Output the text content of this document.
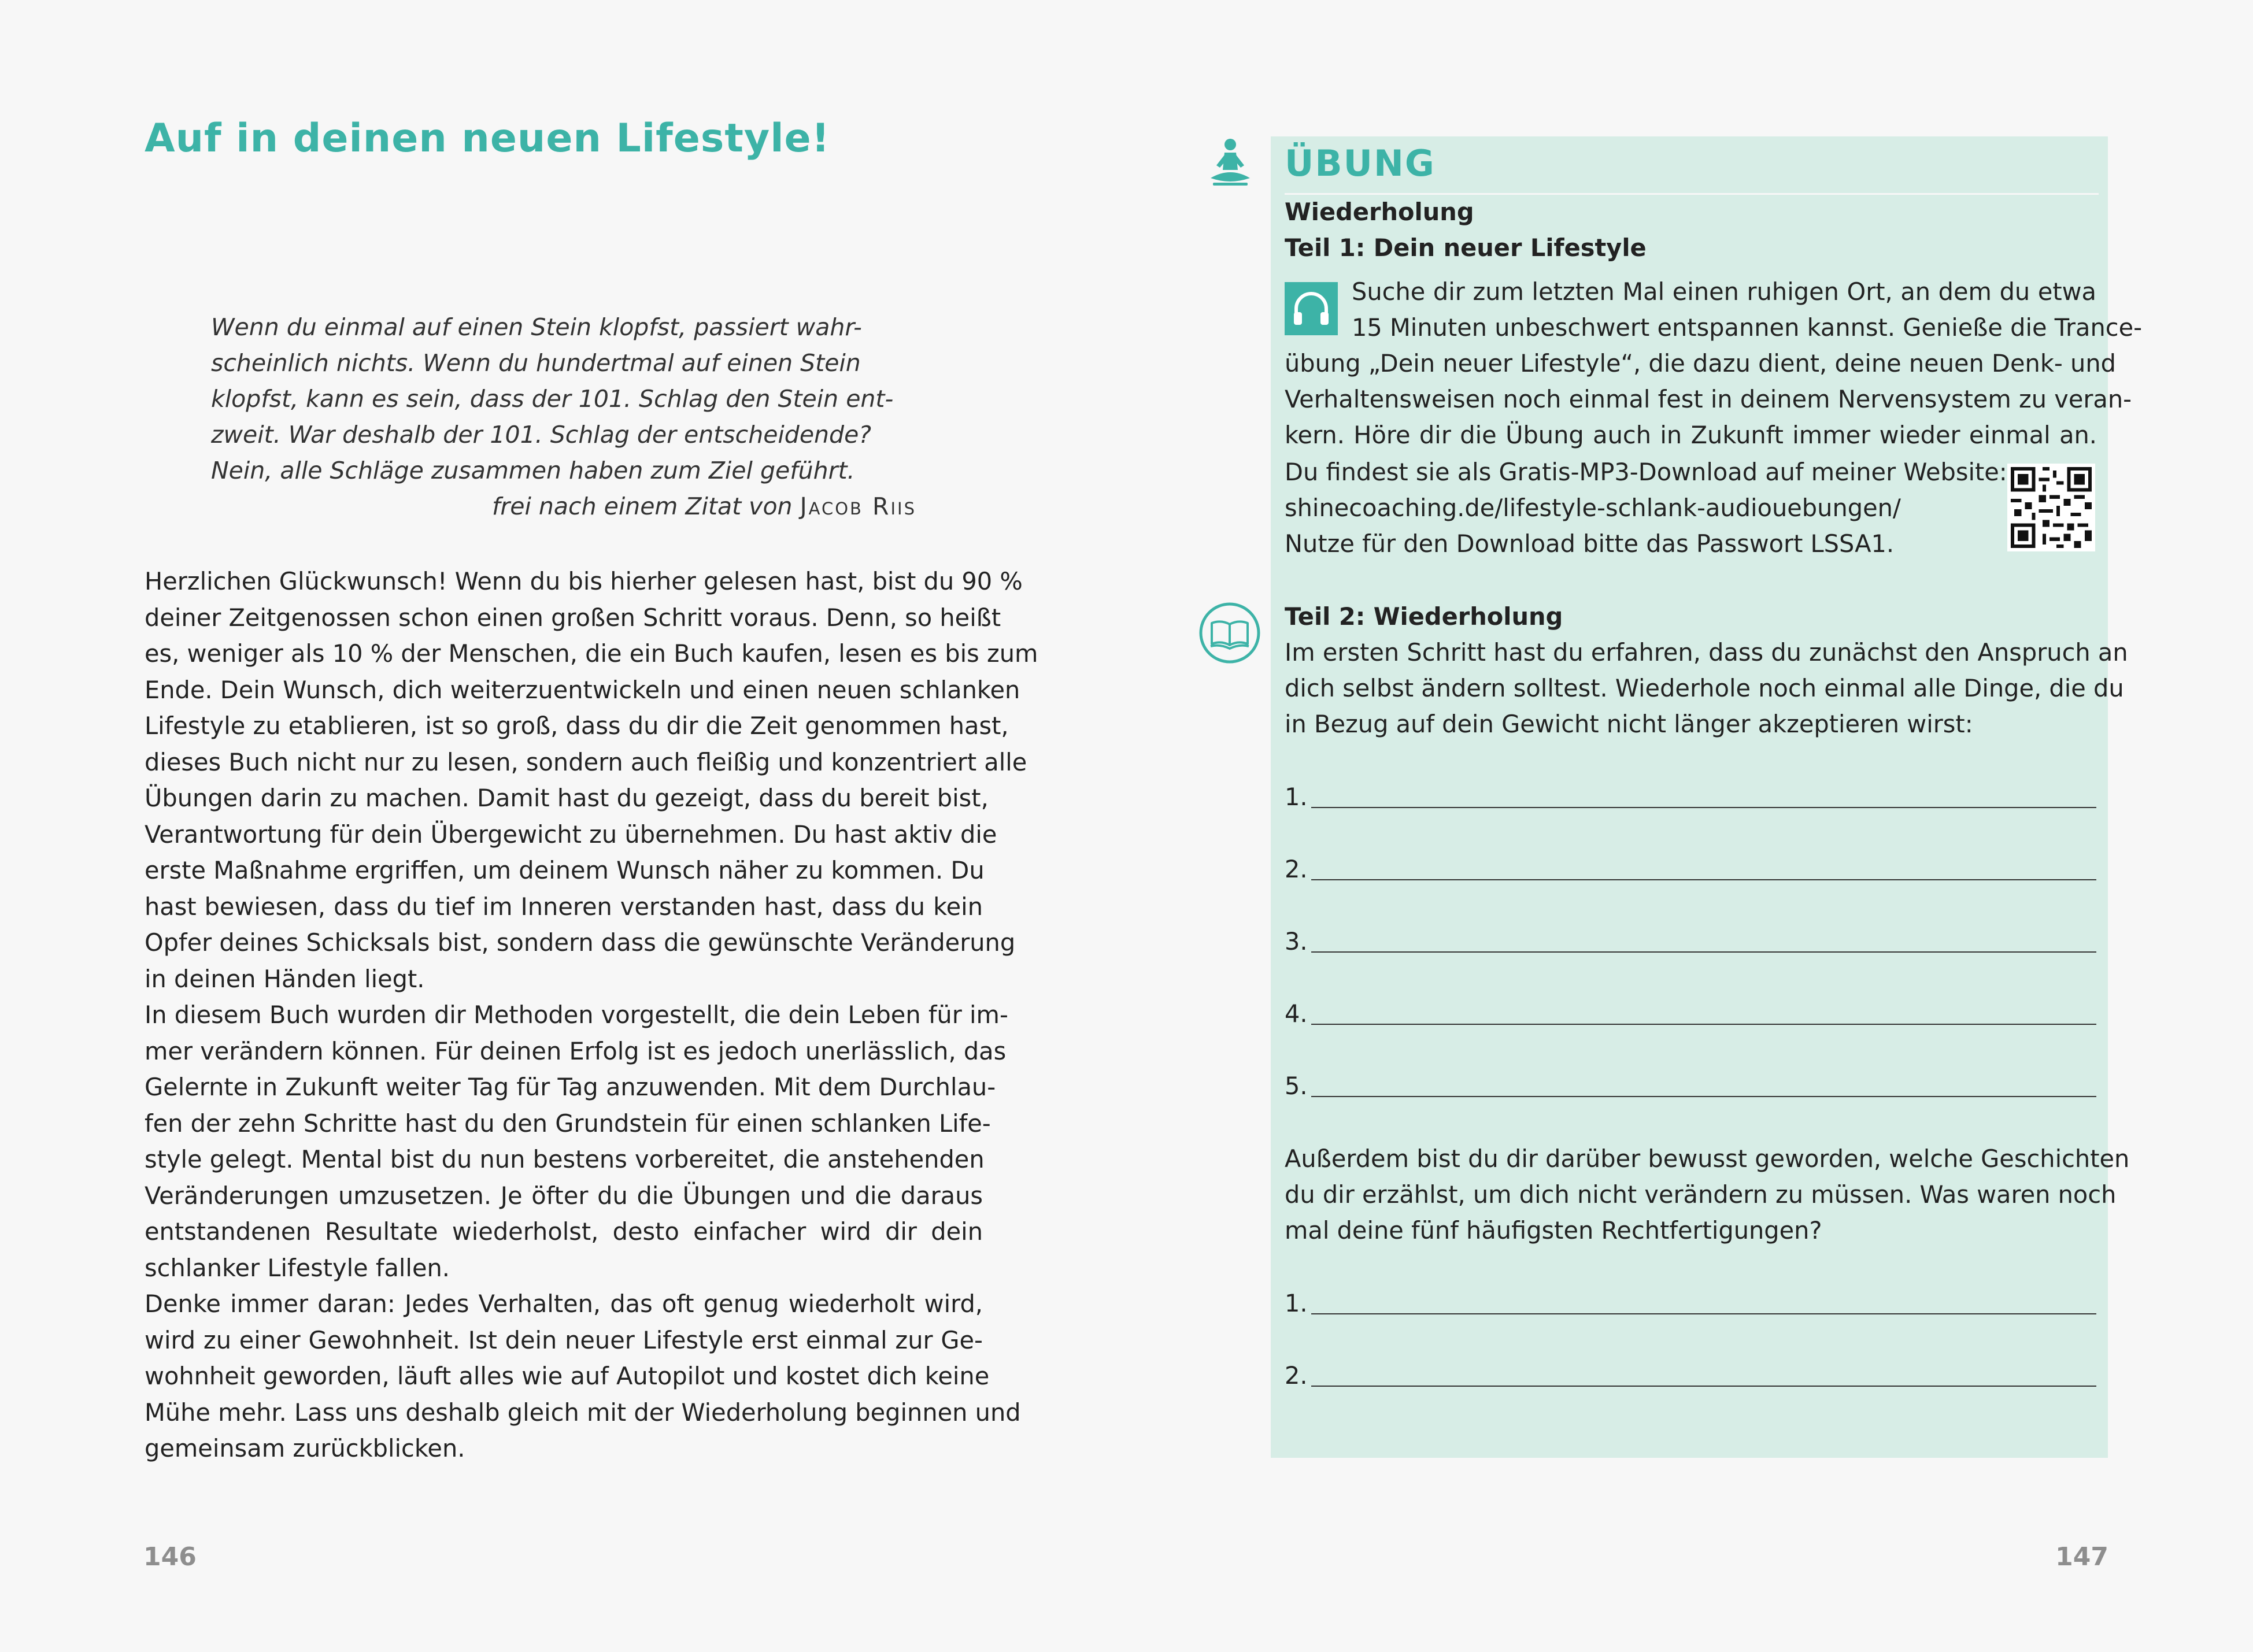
Auf in deinen neuen Lifestyle!
Wenn du einmal auf einen Stein klopfst, passiert wahr-
scheinlich nichts. Wenn du hundertmal auf einen Stein
klopfst, kann es sein, dass der 101. Schlag den Stein ent-
zweit. War deshalb der 101. Schlag der entscheidende?
Nein, alle Schläge zusammen haben zum Ziel geführt.
frei nach einem Zitat von Jacob Riis
Herzlichen Glückwunsch! Wenn du bis hierher gelesen hast, bist du 90 %
deiner Zeitgenossen schon einen großen Schritt voraus. Denn, so heißt
es, weniger als 10 % der Menschen, die ein Buch kaufen, lesen es bis zum
Ende. Dein Wunsch, dich weiterzuentwickeln und einen neuen schlanken
Lifestyle zu etablieren, ist so groß, dass du dir die Zeit genommen hast,
dieses Buch nicht nur zu lesen, sondern auch fleißig und konzentriert alle
Übungen darin zu machen. Damit hast du gezeigt, dass du bereit bist,
Verantwortung für dein Übergewicht zu übernehmen. Du hast aktiv die
erste Maßnahme ergriffen, um deinem Wunsch näher zu kommen. Du
hast bewiesen, dass du tief im Inneren verstanden hast, dass du kein
Opfer deines Schicksals bist, sondern dass die gewünschte Veränderung
in deinen Händen liegt.
In diesem Buch wurden dir Methoden vorgestellt, die dein Leben für im-
mer verändern können. Für deinen Erfolg ist es jedoch unerlässlich, das
Gelernte in Zukunft weiter Tag für Tag anzuwenden. Mit dem Durchlau-
fen der zehn Schritte hast du den Grundstein für einen schlanken Life-
style gelegt. Mental bist du nun bestens vorbereitet, die anstehenden
Veränderungen umzusetzen. Je öfter du die Übungen und die daraus
entstandenen Resultate wiederholst, desto einfacher wird dir dein
schlanker Lifestyle fallen.
Denke immer daran: Jedes Verhalten, das oft genug wiederholt wird,
wird zu einer Gewohnheit. Ist dein neuer Lifestyle erst einmal zur Ge-
wohnheit geworden, läuft alles wie auf Autopilot und kostet dich keine
Mühe mehr. Lass uns deshalb gleich mit der Wiederholung beginnen und
gemeinsam zurückblicken.
146
ÜBUNG
Wiederholung
Teil 1: Dein neuer Lifestyle
Suche dir zum letzten Mal einen ruhigen Ort, an dem du etwa
15 Minuten unbeschwert entspannen kannst. Genieße die Trance-
übung „Dein neuer Lifestyle“, die dazu dient, deine neuen Denk- und
Verhaltensweisen noch einmal fest in deinem Nervensystem zu veran-
kern. Höre dir die Übung auch in Zukunft immer wieder einmal an.
Du findest sie als Gratis-MP3-Download auf meiner Website:
shinecoaching.de/lifestyle-schlank-audiouebungen/
Nutze für den Download bitte das Passwort LSSA1.
Teil 2: Wiederholung
Im ersten Schritt hast du erfahren, dass du zunächst den Anspruch an
dich selbst ändern solltest. Wiederhole noch einmal alle Dinge, die du
in Bezug auf dein Gewicht nicht länger akzeptieren wirst:
1.
2.
3.
4.
5.
Außerdem bist du dir darüber bewusst geworden, welche Geschichten
du dir erzählst, um dich nicht verändern zu müssen. Was waren noch
mal deine fünf häufigsten Rechtfertigungen?
1.
2.
147
